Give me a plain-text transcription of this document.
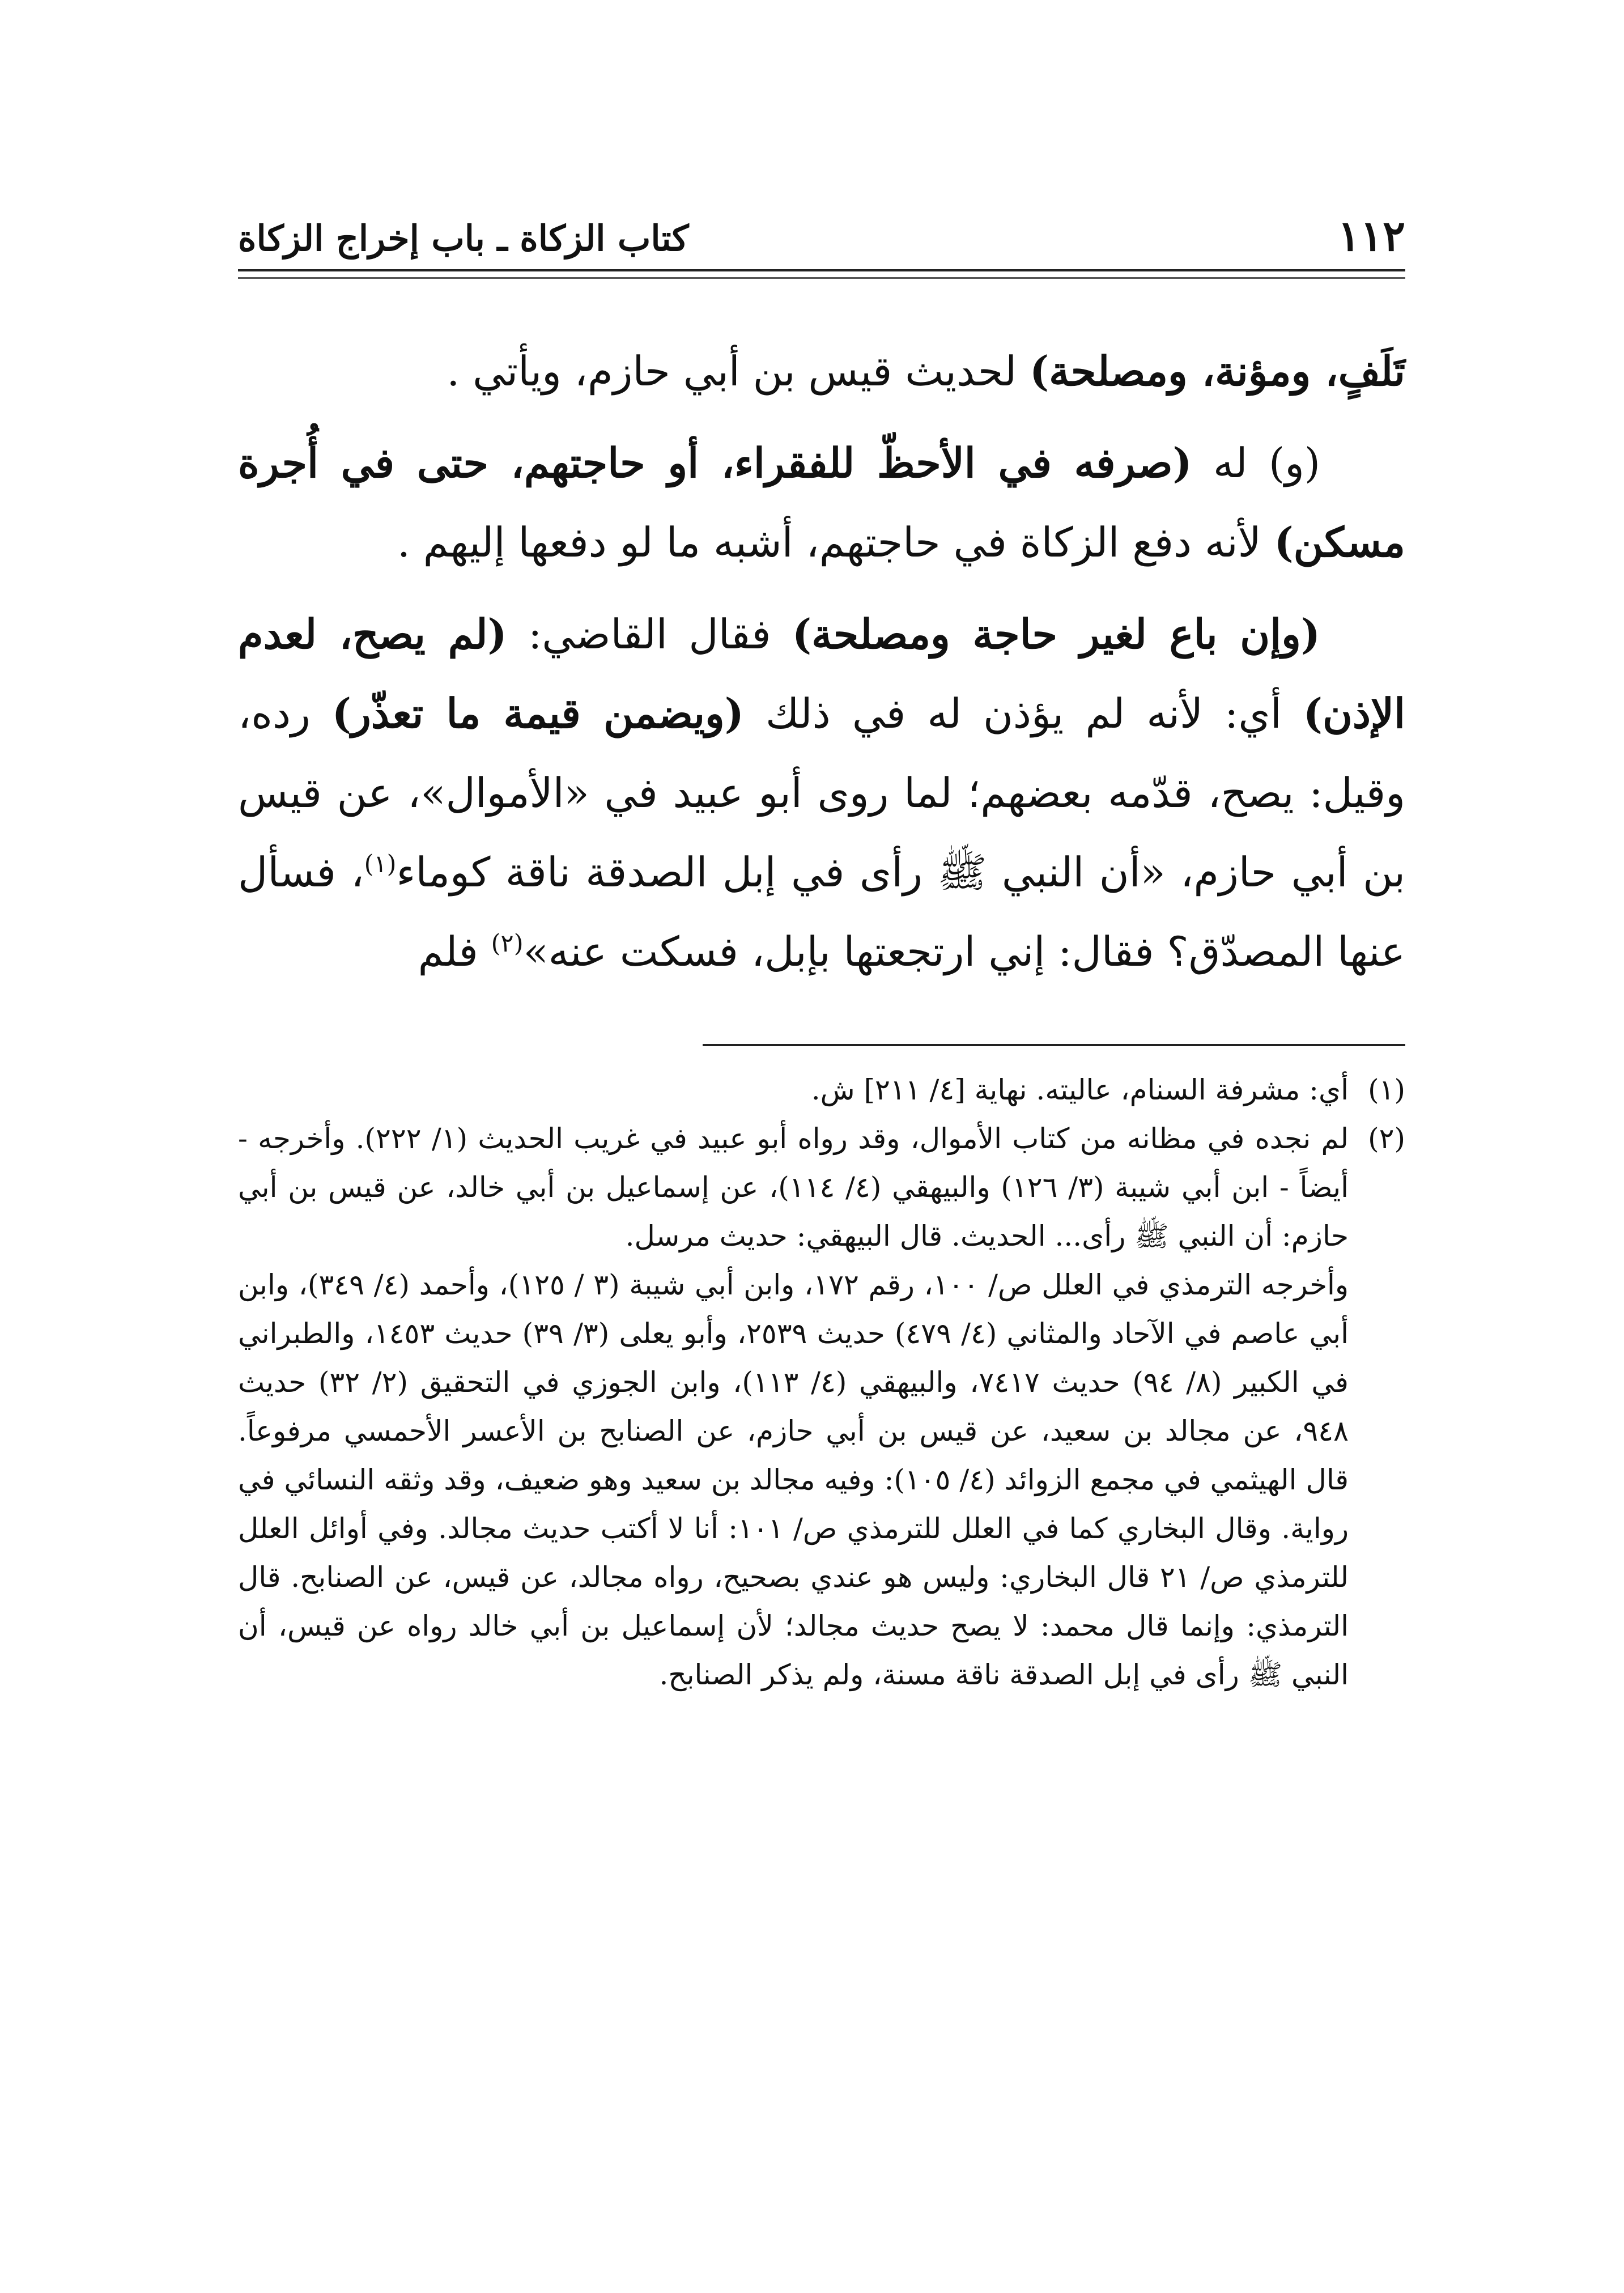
١١٢
كتاب الزكاة ـ باب إخراج الزكاة

تَلَفٍ، ومؤنة، ومصلحة) لحديث قيس بن أبي حازم، ويأتي .

(و) له (صرفه في الأحظّ للفقراء، أو حاجتهم، حتى في أُجرة مسكن) لأنه دفع الزكاة في حاجتهم، أشبه ما لو دفعها إليهم .

(وإن باع لغير حاجة ومصلحة) فقال القاضي: (لم يصح، لعدم الإذن) أي: لأنه لم يؤذن له في ذلك (ويضمن قيمة ما تعذّر) رده، وقيل: يصح، قدّمه بعضهم؛ لما روى أبو عبيد في «الأموال»، عن قيس بن أبي حازم، «أن النبي ﷺ رأى في إبل الصدقة ناقة كوماء$^{(١)}$، فسأل عنها المصدّق؟ فقال: إني ارتجعتها بإبل، فسكت عنه»$^{(٢)}$ فلم

(١)

أي: مشرفة السنام، عاليته. نهاية [٤/ ٢١١] ش.

(٢)

لم نجده في مظانه من كتاب الأموال، وقد رواه أبو عبيد في غريب الحديث (١/ ٢٢٢). وأخرجه - أيضاً - ابن أبي شيبة (٣/ ١٢٦) والبيهقي (٤/ ١١٤)، عن إسماعيل بن أبي خالد، عن قيس بن أبي حازم: أن النبي ﷺ رأى... الحديث. قال البيهقي: حديث مرسل.

وأخرجه الترمذي في العلل ص/ ١٠٠، رقم ١٧٢، وابن أبي شيبة (٣ / ١٢٥)، وأحمد (٤/ ٣٤٩)، وابن أبي عاصم في الآحاد والمثاني (٤/ ٤٧٩) حديث ٢٥٣٩، وأبو يعلى (٣/ ٣٩) حديث ١٤٥٣، والطبراني في الكبير (٨/ ٩٤) حديث ٧٤١٧، والبيهقي (٤/ ١١٣)، وابن الجوزي في التحقيق (٢/ ٣٢) حديث ٩٤٨، عن مجالد بن سعيد، عن قيس بن أبي حازم، عن الصنابح بن الأعسر الأحمسي مرفوعاً. قال الهيثمي في مجمع الزوائد (٤/ ١٠٥): وفيه مجالد بن سعيد وهو ضعيف، وقد وثقه النسائي في رواية. وقال البخاري كما في العلل للترمذي ص/ ١٠١: أنا لا أكتب حديث مجالد. وفي أوائل العلل للترمذي ص/ ٢١ قال البخاري: وليس هو عندي بصحيح، رواه مجالد، عن قيس، عن الصنابح. قال الترمذي: وإنما قال محمد: لا يصح حديث مجالد؛ لأن إسماعيل بن أبي خالد رواه عن قيس، أن النبي ﷺ رأى في إبل الصدقة ناقة مسنة، ولم يذكر الصنابح.
